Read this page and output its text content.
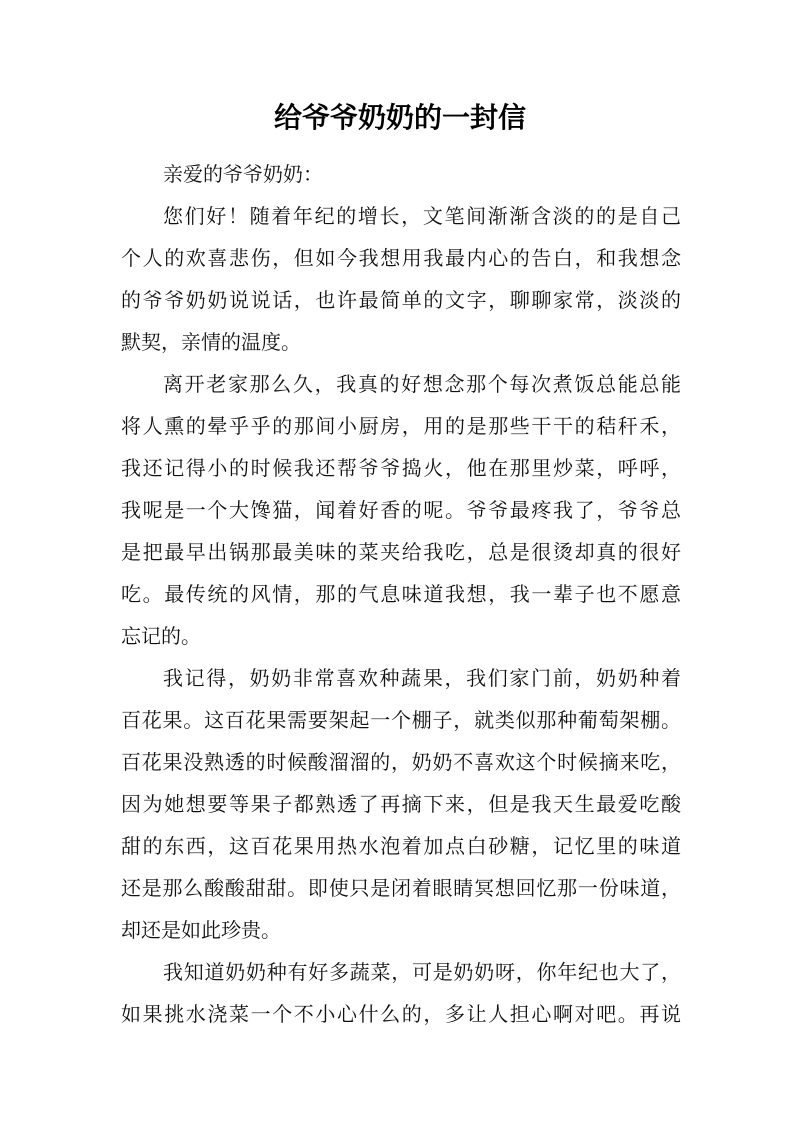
给爷爷奶奶的一封信
亲爱的爷爷奶奶：
您们好！随着年纪的增长，文笔间渐渐含淡的的是自己
个人的欢喜悲伤，但如今我想用我最内心的告白，和我想念
的爷爷奶奶说说话，也许最简单的文字，聊聊家常，淡淡的
默契，亲情的温度。
离开老家那么久，我真的好想念那个每次煮饭总能总能
将人熏的晕乎乎的那间小厨房，用的是那些干干的秸秆禾，
我还记得小的时候我还帮爷爷捣火，他在那里炒菜，呼呼，
我呢是一个大馋猫，闻着好香的呢。爷爷最疼我了，爷爷总
是把最早出锅那最美味的菜夹给我吃，总是很烫却真的很好
吃。最传统的风情，那的气息味道我想，我一辈子也不愿意
忘记的。
我记得，奶奶非常喜欢种蔬果，我们家门前，奶奶种着
百花果。这百花果需要架起一个棚子，就类似那种葡萄架棚。
百花果没熟透的时候酸溜溜的，奶奶不喜欢这个时候摘来吃，
因为她想要等果子都熟透了再摘下来，但是我天生最爱吃酸
甜的东西，这百花果用热水泡着加点白砂糖，记忆里的味道
还是那么酸酸甜甜。即使只是闭着眼睛冥想回忆那一份味道，
却还是如此珍贵。
我知道奶奶种有好多蔬菜，可是奶奶呀，你年纪也大了，
如果挑水浇菜一个不小心什么的，多让人担心啊对吧。再说
